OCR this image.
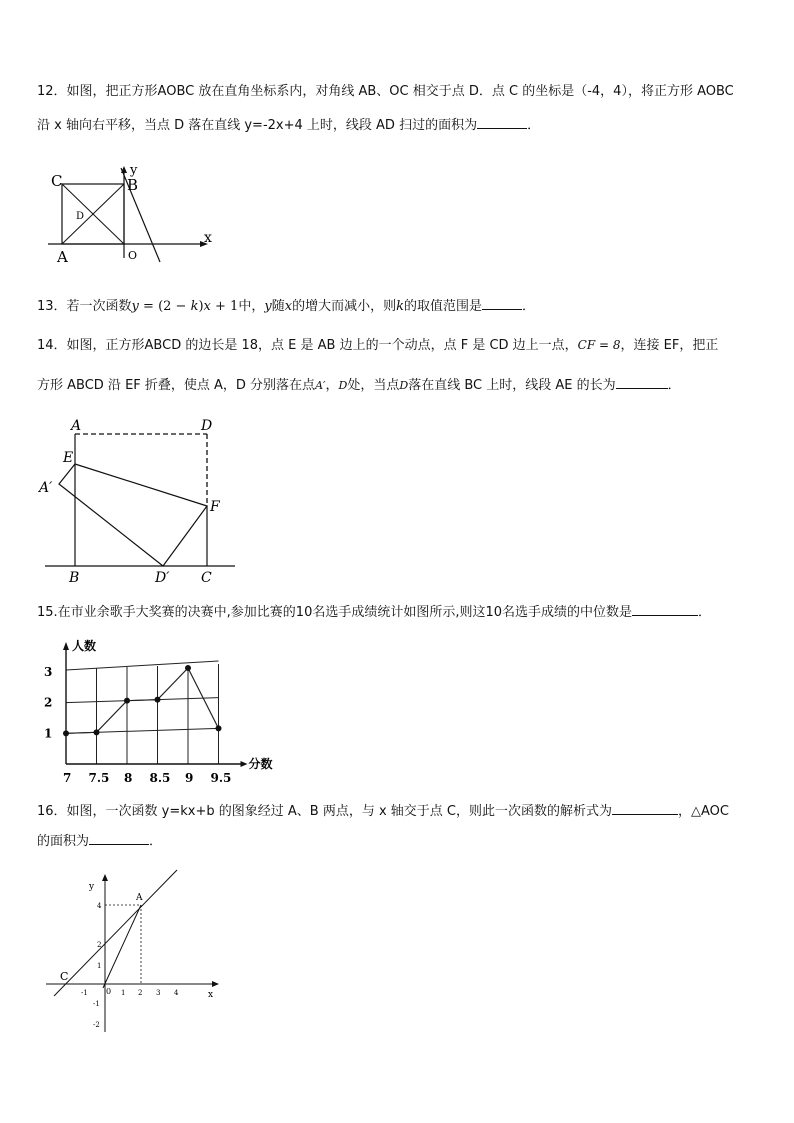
12．如图，把正方形AOBC 放在直角坐标系内，对角线 AB、OC 相交于点 D．点 C 的坐标是（-4，4），将正方形 AOBC
沿 x 轴向右平移，当点 D 落在直线 y=-2x+4 上时，线段 AD 扫过的面积为	．
C	B
D
A	O
x
y
13．若一次函数y = (2 − k)x + 1中，y随x的增大而减小，则k的取值范围是	．
14．如图，正方形ABCD 的边长是 18，点 E 是 AB 边上的一个动点，点 F 是 CD 边上一点，CF = 8，连接 EF，把正
方形 ABCD 沿 EF 折叠，使点 A，D 分别落在点A′，D处，当点D落在直线 BC 上时，线段 AE 的长为	．
A	D
E
A′
F
B	D′ C
15.在市业余歌手大奖赛的决赛中,参加比赛的10名选手成绩统计如图所示,则这10名选手成绩的中位数是	．
7 7.5 8 8.5 9 9.5
1
2
3
人数
分数
16．如图，一次函数 y=kx+b 的图象经过 A、B 两点，与 x 轴交于点 C，则此一次函数的解析式为	，△AOC
的面积为	．
y
x
A
C
0
-1	1 2 3 4
4
2
1
-1
-2
